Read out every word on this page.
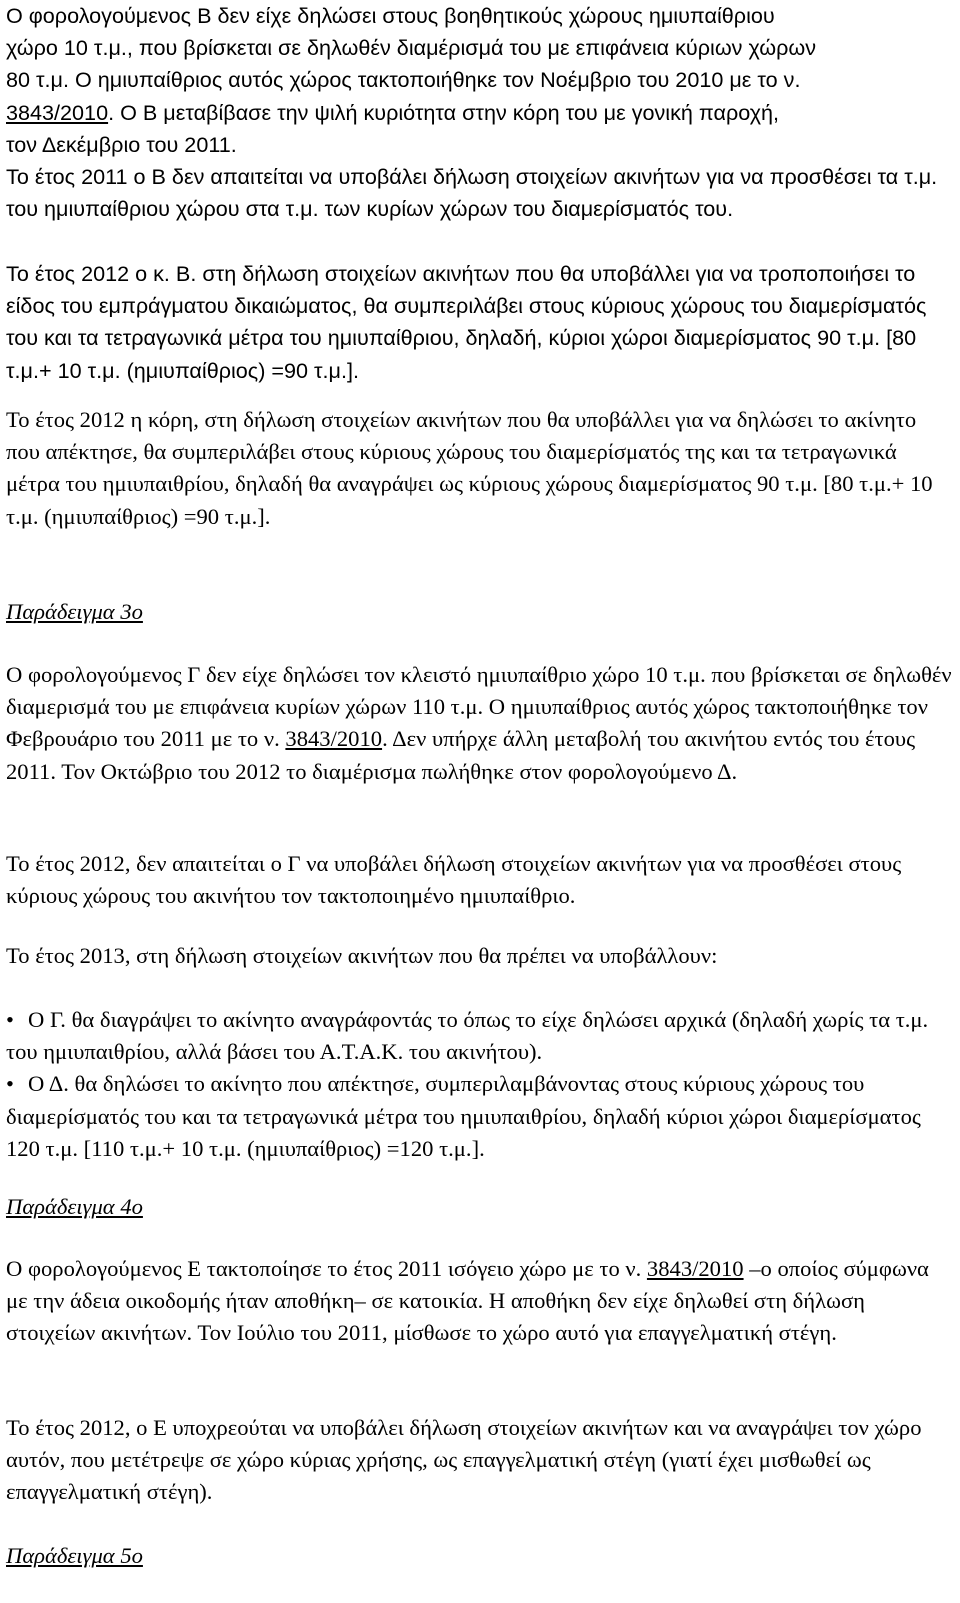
Ο φορολογούμενος Β δεν είχε δηλώσει στους βοηθητικούς χώρους ημιυπαίθριου
χώρο 10 τ.μ., που βρίσκεται σε δηλωθέν διαμέρισμά του με επιφάνεια κύριων χώρων
80 τ.μ. Ο ημιυπαίθριος αυτός χώρος τακτοποιήθηκε τον Νοέμβριο του 2010 με το ν.
3843/2010. Ο Β μεταβίβασε την ψιλή κυριότητα στην κόρη του με γονική παροχή,
τον Δεκέμβριο του 2011.
Το έτος 2011 ο Β δεν απαιτείται να υποβάλει δήλωση στοιχείων ακινήτων για να προσθέσει τα τ.μ. του ημιυπαίθριου χώρου στα τ.μ. των κυρίων χώρων του διαμερίσματός του.
Το έτος 2012 ο κ. Β. στη δήλωση στοιχείων ακινήτων που θα υποβάλλει για να τροποποιήσει το είδος του εμπράγματου δικαιώματος, θα συμπεριλάβει στους κύριους χώρους του διαμερίσματός του και τα τετραγωνικά μέτρα του ημιυπαίθριου, δηλαδή, κύριοι χώροι διαμερίσματος 90 τ.μ. [80 τ.μ.+ 10 τ.μ. (ημιυπαίθριος) =90 τ.μ.].
Το έτος 2012 η κόρη, στη δήλωση στοιχείων ακινήτων που θα υποβάλλει για να δηλώσει το ακίνητο που απέκτησε, θα συμπεριλάβει στους κύριους χώρους του διαμερίσματός της και τα τετραγωνικά μέτρα του ημιυπαιθρίου, δηλαδή θα αναγράψει ως κύριους χώρους διαμερίσματος 90 τ.μ. [80 τ.μ.+ 10 τ.μ. (ημιυπαίθριος) =90 τ.μ.].
Παράδειγμα 3ο
Ο φορολογούμενος Γ δεν είχε δηλώσει τον κλειστό ημιυπαίθριο χώρο 10 τ.μ. που βρίσκεται σε δηλωθέν διαμερισμά του με επιφάνεια κυρίων χώρων 110 τ.μ. Ο ημιυπαίθριος αυτός χώρος τακτοποιήθηκε τον Φεβρουάριο του 2011 με το ν. 3843/2010. Δεν υπήρχε άλλη μεταβολή του ακινήτου εντός του έτους 2011. Τον Οκτώβριο του 2012 το διαμέρισμα πωλήθηκε στον φορολογούμενο Δ.
Το έτος 2012, δεν απαιτείται ο Γ να υποβάλει δήλωση στοιχείων ακινήτων για να προσθέσει στους κύριους χώρους του ακινήτου τον τακτοποιημένο ημιυπαίθριο.
Το έτος 2013, στη δήλωση στοιχείων ακινήτων που θα πρέπει να υποβάλλουν:
• Ο Γ. θα διαγράψει το ακίνητο αναγράφοντάς το όπως το είχε δηλώσει αρχικά (δηλαδή χωρίς τα τ.μ. του ημιυπαιθρίου, αλλά βάσει του Α.Τ.Α.Κ. του ακινήτου).
• Ο Δ. θα δηλώσει το ακίνητο που απέκτησε, συμπεριλαμβάνοντας στους κύριους χώρους του διαμερίσματός του και τα τετραγωνικά μέτρα του ημιυπαιθρίου, δηλαδή κύριοι χώροι διαμερίσματος 120 τ.μ. [110 τ.μ.+ 10 τ.μ. (ημιυπαίθριος) =120 τ.μ.].
Παράδειγμα 4ο
Ο φορολογούμενος Ε τακτοποίησε το έτος 2011 ισόγειο χώρο με το ν. 3843/2010 –ο οποίος σύμφωνα με την άδεια οικοδομής ήταν αποθήκη– σε κατοικία. Η αποθήκη δεν είχε δηλωθεί στη δήλωση στοιχείων ακινήτων. Τον Ιούλιο του 2011, μίσθωσε το χώρο αυτό για επαγγελματική στέγη.
Το έτος 2012, ο Ε υποχρεούται να υποβάλει δήλωση στοιχείων ακινήτων και να αναγράψει τον χώρο αυτόν, που μετέτρεψε σε χώρο κύριας χρήσης, ως επαγγελματική στέγη (γιατί έχει μισθωθεί ως επαγγελματική στέγη).
Παράδειγμα 5ο
